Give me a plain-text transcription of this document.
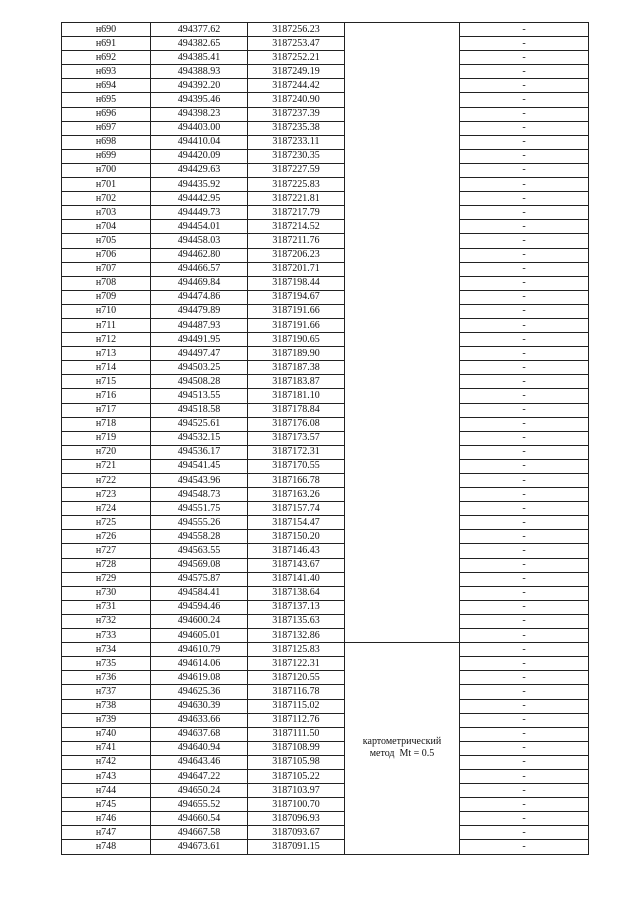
н690	494377.62	3187256.23		-
н691	494382.65	3187253.47		-
н692	494385.41	3187252.21		-
н693	494388.93	3187249.19		-
н694	494392.20	3187244.42		-
н695	494395.46	3187240.90		-
н696	494398.23	3187237.39		-
н697	494403.00	3187235.38		-
н698	494410.04	3187233.11		-
н699	494420.09	3187230.35		-
н700	494429.63	3187227.59		-
н701	494435.92	3187225.83		-
н702	494442.95	3187221.81		-
н703	494449.73	3187217.79		-
н704	494454.01	3187214.52		-
н705	494458.03	3187211.76		-
н706	494462.80	3187206.23		-
н707	494466.57	3187201.71		-
н708	494469.84	3187198.44		-
н709	494474.86	3187194.67		-
н710	494479.89	3187191.66		-
н711	494487.93	3187191.66		-
н712	494491.95	3187190.65		-
н713	494497.47	3187189.90		-
н714	494503.25	3187187.38		-
н715	494508.28	3187183.87		-
н716	494513.55	3187181.10		-
н717	494518.58	3187178.84		-
н718	494525.61	3187176.08		-
н719	494532.15	3187173.57		-
н720	494536.17	3187172.31		-
н721	494541.45	3187170.55		-
н722	494543.96	3187166.78		-
н723	494548.73	3187163.26		-
н724	494551.75	3187157.74		-
н725	494555.26	3187154.47		-
н726	494558.28	3187150.20		-
н727	494563.55	3187146.43		-
н728	494569.08	3187143.67		-
н729	494575.87	3187141.40		-
н730	494584.41	3187138.64		-
н731	494594.46	3187137.13		-
н732	494600.24	3187135.63		-
н733	494605.01	3187132.86		-
н734	494610.79	3187125.83	картометрический
метод  Mt = 0.5	-
н735	494614.06	3187122.31		-
н736	494619.08	3187120.55		-
н737	494625.36	3187116.78		-
н738	494630.39	3187115.02		-
н739	494633.66	3187112.76		-
н740	494637.68	3187111.50		-
н741	494640.94	3187108.99		-
н742	494643.46	3187105.98		-
н743	494647.22	3187105.22		-
н744	494650.24	3187103.97		-
н745	494655.52	3187100.70		-
н746	494660.54	3187096.93		-
н747	494667.58	3187093.67		-
н748	494673.61	3187091.15		-
